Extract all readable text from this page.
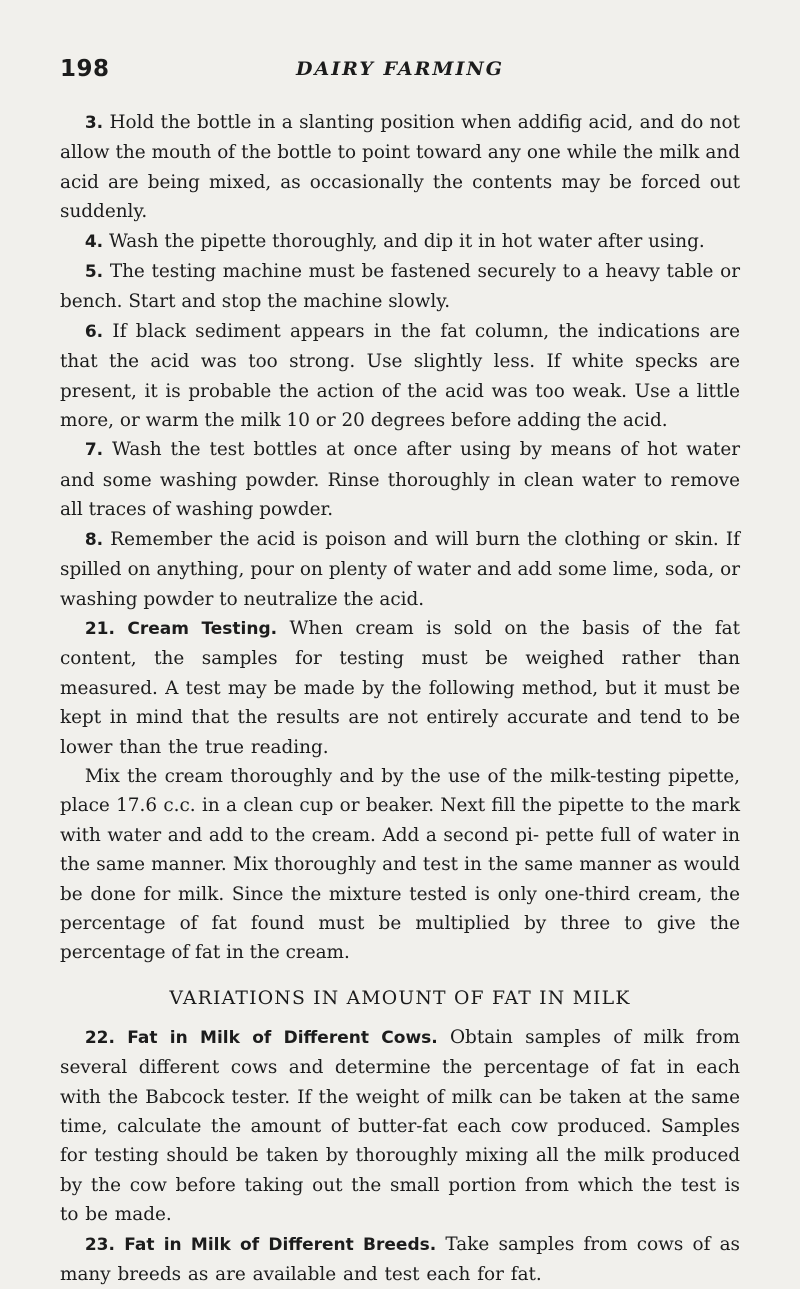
198	DAIRY FARMING

3. Hold the bottle in a slanting position when addifig acid, and do not allow the mouth of the bottle to point toward any one while the milk and acid are being mixed, as occasionally the contents may be forced out suddenly.

4. Wash the pipette thoroughly, and dip it in hot water after using.

5. The testing machine must be fastened securely to a heavy table or bench. Start and stop the machine slowly.

6. If black sediment appears in the fat column, the indications are that the acid was too strong. Use slightly less. If white specks are present, it is probable the action of the acid was too weak. Use a little more, or warm the milk 10 or 20 degrees before adding the acid.

7. Wash the test bottles at once after using by means of hot water and some washing powder. Rinse thoroughly in clean water to remove all traces of washing powder.

8. Remember the acid is poison and will burn the clothing or skin. If spilled on anything, pour on plenty of water and add some lime, soda, or washing powder to neutralize the acid.

21. Cream Testing. When cream is sold on the basis of the fat content, the samples for testing must be weighed rather than measured. A test may be made by the following method, but it must be kept in mind that the results are not entirely accurate and tend to be lower than the true reading.

Mix the cream thoroughly and by the use of the milk-testing pipette, place 17.6 c.c. in a clean cup or beaker. Next fill the pipette to the mark with water and add to the cream. Add a second pi- pette full of water in the same manner. Mix thoroughly and test in the same manner as would be done for milk. Since the mixture tested is only one-third cream, the percentage of fat found must be multiplied by three to give the percentage of fat in the cream.

VARIATIONS IN AMOUNT OF FAT IN MILK

22. Fat in Milk of Different Cows. Obtain samples of milk from several different cows and determine the percentage of fat in each with the Babcock tester. If the weight of milk can be taken at the same time, calculate the amount of butter-fat each cow produced. Samples for testing should be taken by thoroughly mixing all the milk produced by the cow before taking out the small portion from which the test is to be made.

23. Fat in Milk of Different Breeds. Take samples from cows of as many breeds as are available and test each for fat.
